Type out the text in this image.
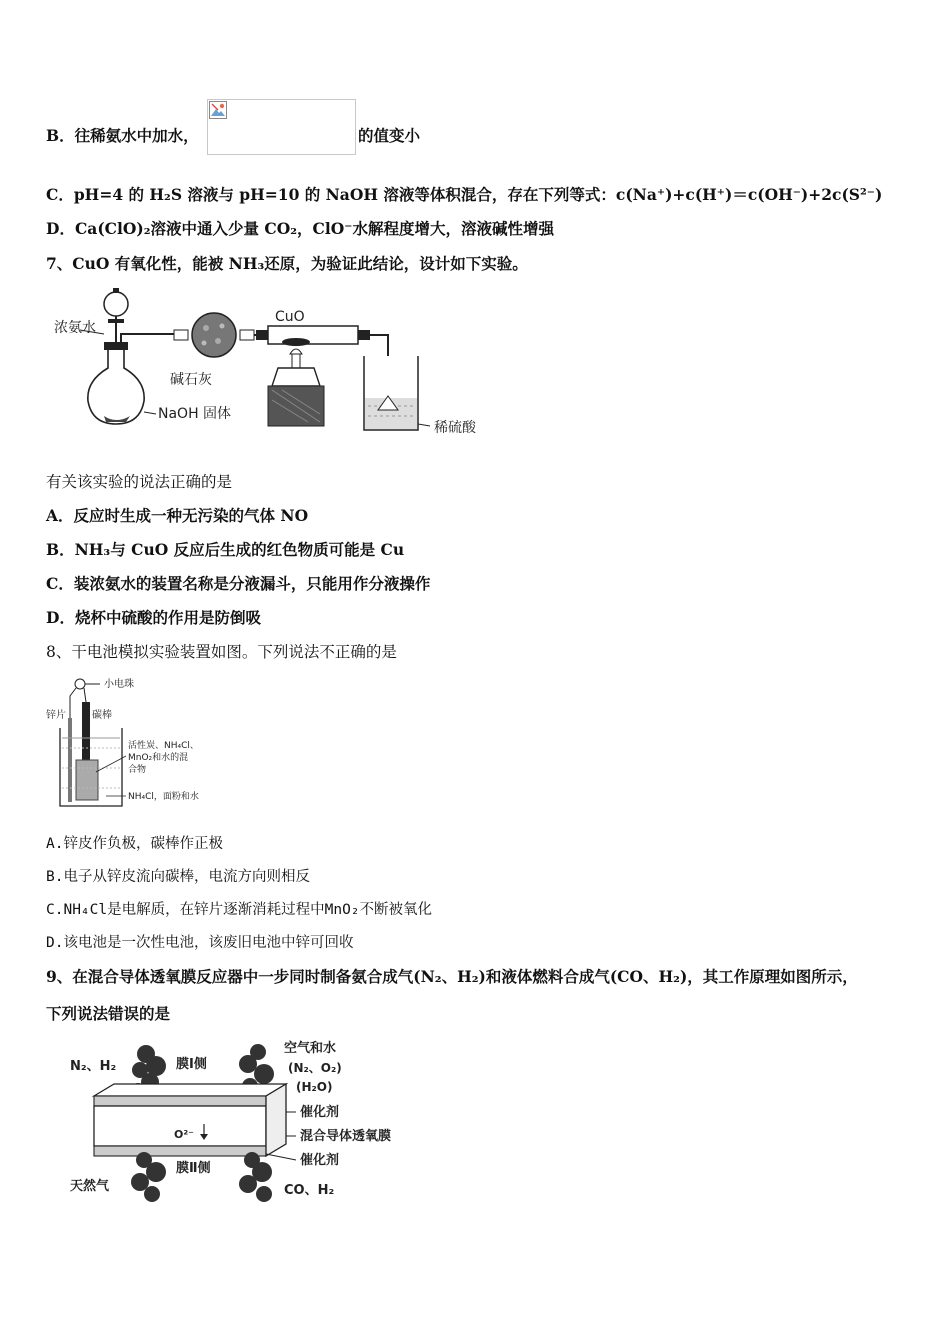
B．往稀氨水中加水，	的值变小
C．pH=4 的 H₂S 溶液与 pH=10 的 NaOH 溶液等体积混合，存在下列等式：c(Na⁺)+c(H⁺)＝c(OH⁻)+2c(S²⁻)
D．Ca(ClO)₂溶液中通入少量 CO₂，ClO⁻水解程度增大，溶液碱性增强
7、CuO 有氧化性，能被 NH₃还原，为验证此结论，设计如下实验。
浓氨水
碱石灰
CuO
NaOH 固体
稀硫酸
有关该实验的说法正确的是
A．反应时生成一种无污染的气体 NO
B．NH₃与 CuO 反应后生成的红色物质可能是 Cu
C．装浓氨水的装置名称是分液漏斗，只能用作分液操作
D．烧杯中硫酸的作用是防倒吸
8、干电池模拟实验装置如图。下列说法不正确的是
小电珠
锌片	碳棒
活性炭、NH₄Cl、
MnO₂和水的混
合物
NH₄Cl，面粉和水
A.锌皮作负极，碳棒作正极
B.电子从锌皮流向碳棒，电流方向则相反
C.NH₄Cl是电解质，在锌片逐渐消耗过程中MnO₂不断被氧化
D.该电池是一次性电池，该废旧电池中锌可回收
9、在混合导体透氧膜反应器中一步同时制备氨合成气(N₂、H₂)和液体燃料合成气(CO、H₂)，其工作原理如图所示，
下列说法错误的是
N₂、H₂	膜Ⅰ侧
空气和水
(N₂、O₂)
(H₂O)
催化剂
O²⁻	混合导体透氧膜
催化剂
膜Ⅱ侧
天然气	CO、H₂
